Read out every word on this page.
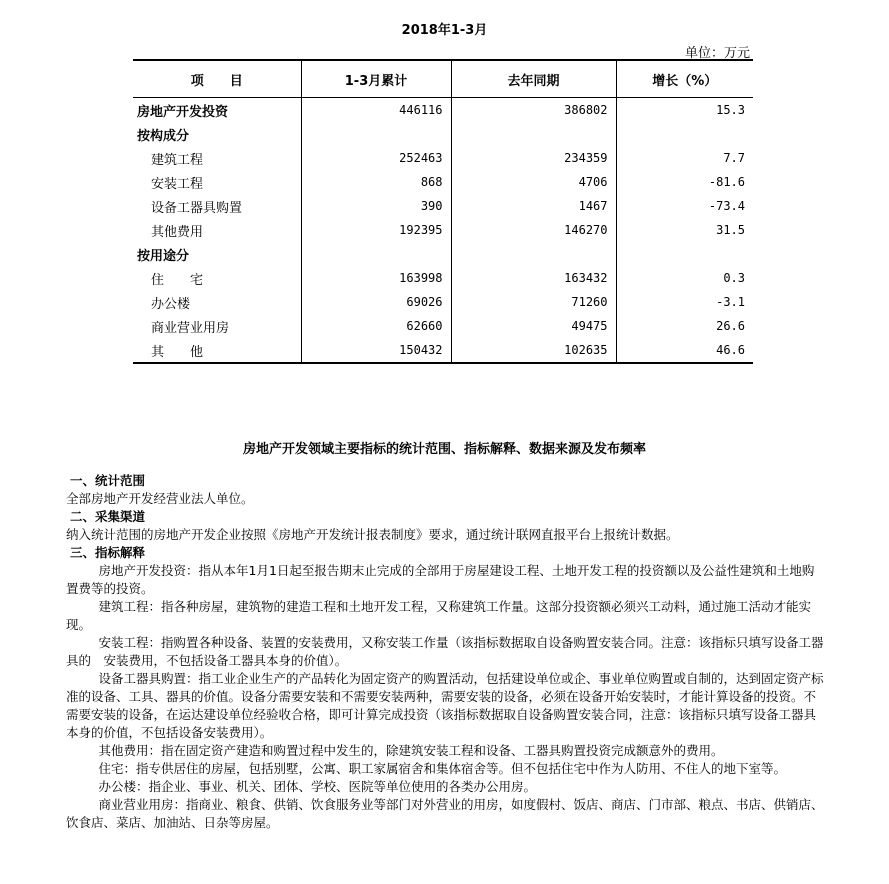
2018年1-3月
单位：万元
项　　目	1-3月累计	去年同期	增长（%）
房地产开发投资	446116	386802	15.3
按构成分			
建筑工程	252463	234359	7.7
安装工程	868	4706	-81.6
设备工器具购置	390	1467	-73.4
其他费用	192395	146270	31.5
按用途分			
住　　宅	163998	163432	0.3
办公楼	69026	71260	-3.1
商业营业用房	62660	49475	26.6
其　　他	150432	102635	46.6
房地产开发领域主要指标的统计范围、指标解释、数据来源及发布频率

一、统计范围

全部房地产开发经营业法人单位。

二、采集渠道

纳入统计范围的房地产开发企业按照《房地产开发统计报表制度》要求，通过统计联网直报平台上报统计数据。

三、指标解释

房地产开发投资：指从本年1月1日起至报告期末止完成的全部用于房屋建设工程、土地开发工程的投资额以及公益性建筑和土地购置费等的投资。

建筑工程：指各种房屋，建筑物的建造工程和土地开发工程，又称建筑工作量。这部分投资额必须兴工动料，通过施工活动才能实现。

安装工程：指购置各种设备、装置的安装费用，又称安装工作量（该指标数据取自设备购置安装合同。注意：该指标只填写设备工器具的　安装费用，不包括设备工器具本身的价值）。

设备工器具购置：指工业企业生产的产品转化为固定资产的购置活动，包括建设单位或企、事业单位购置或自制的，达到固定资产标准的设备、工具、器具的价值。设备分需要安装和不需要安装两种，需要安装的设备，必须在设备开始安装时，才能计算设备的投资。不需要安装的设备，在运达建设单位经验收合格，即可计算完成投资（该指标数据取自设备购置安装合同，注意：该指标只填写设备工器具本身的价值，不包括设备安装费用）。

其他费用：指在固定资产建造和购置过程中发生的，除建筑安装工程和设备、工器具购置投资完成额意外的费用。

住宅：指专供居住的房屋，包括别墅，公寓、职工家属宿舍和集体宿舍等。但不包括住宅中作为人防用、不住人的地下室等。

办公楼：指企业、事业、机关、团体、学校、医院等单位使用的各类办公用房。

商业营业用房：指商业、粮食、供销、饮食服务业等部门对外营业的用房，如度假村、饭店、商店、门市部、粮点、书店、供销店、饮食店、菜店、加油站、日杂等房屋。
